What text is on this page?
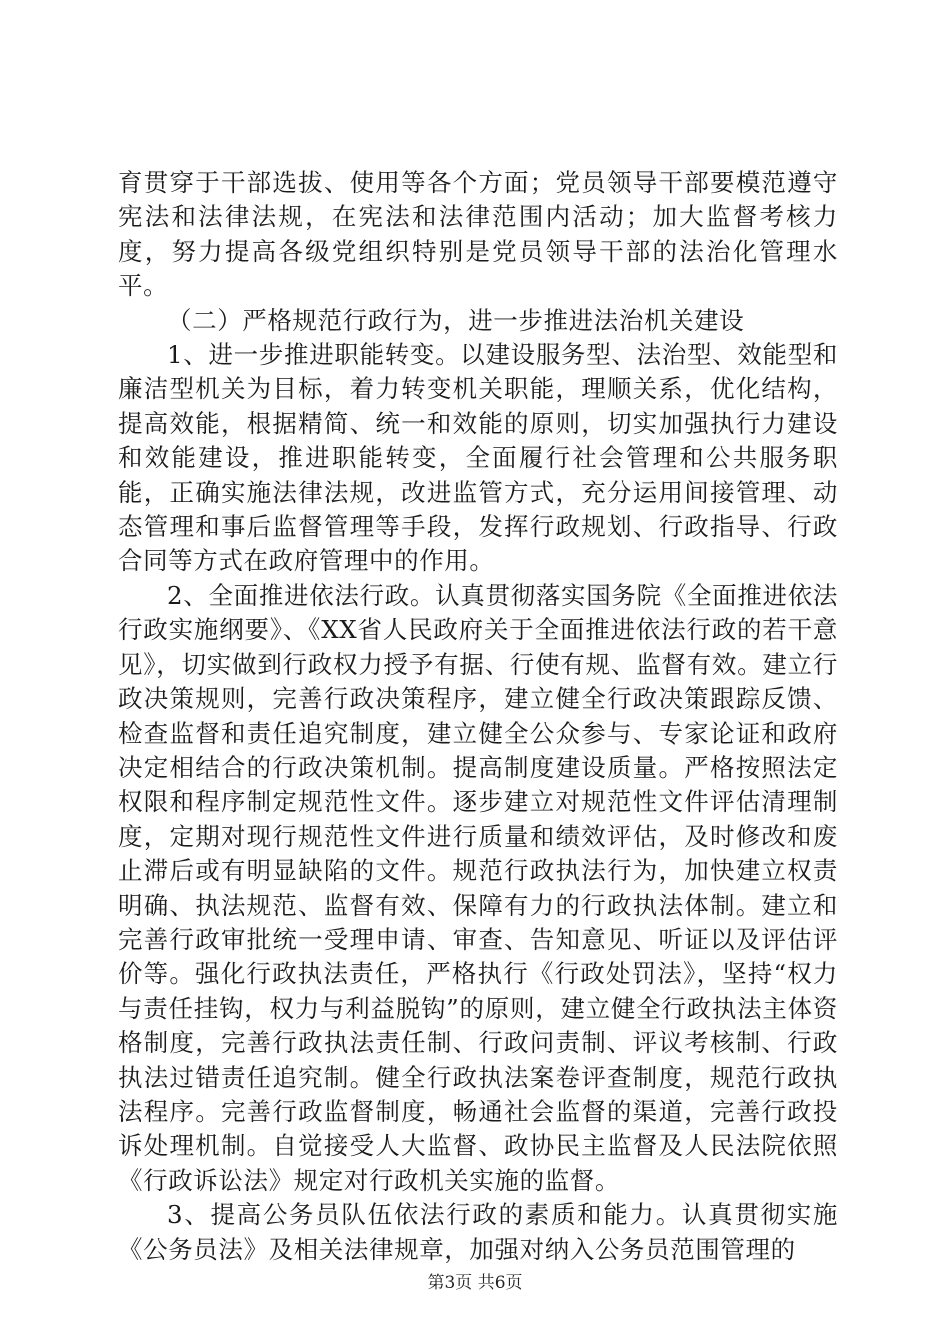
育贯穿于干部选拔、使用等各个方面；党员领导干部要模范遵守宪法和法律法规，在宪法和法律范围内活动；加大监督考核力度，努力提高各级党组织特别是党员领导干部的法治化管理水平。

（二）严格规范行政行为，进一步推进法治机关建设

1、进一步推进职能转变。以建设服务型、法治型、效能型和廉洁型机关为目标，着力转变机关职能，理顺关系，优化结构，提高效能，根据精简、统一和效能的原则，切实加强执行力建设和效能建设，推进职能转变，全面履行社会管理和公共服务职能，正确实施法律法规，改进监管方式，充分运用间接管理、动态管理和事后监督管理等手段，发挥行政规划、行政指导、行政合同等方式在政府管理中的作用。

2、全面推进依法行政。认真贯彻落实国务院《全面推进依法行政实施纲要》、《XX省人民政府关于全面推进依法行政的若干意见》，切实做到行政权力授予有据、行使有规、监督有效。建立行政决策规则，完善行政决策程序，建立健全行政决策跟踪反馈、检查监督和责任追究制度，建立健全公众参与、专家论证和政府决定相结合的行政决策机制。提高制度建设质量。严格按照法定权限和程序制定规范性文件。逐步建立对规范性文件评估清理制度，定期对现行规范性文件进行质量和绩效评估，及时修改和废止滞后或有明显缺陷的文件。规范行政执法行为，加快建立权责明确、执法规范、监督有效、保障有力的行政执法体制。建立和完善行政审批统一受理申请、审查、告知意见、听证以及评估评价等。强化行政执法责任，严格执行《行政处罚法》，坚持“权力与责任挂钩，权力与利益脱钩”的原则，建立健全行政执法主体资格制度，完善行政执法责任制、行政问责制、评议考核制、行政执法过错责任追究制。健全行政执法案卷评查制度，规范行政执法程序。完善行政监督制度，畅通社会监督的渠道，完善行政投诉处理机制。自觉接受人大监督、政协民主监督及人民法院依照《行政诉讼法》规定对行政机关实施的监督。

3、提高公务员队伍依法行政的素质和能力。认真贯彻实施《公务员法》及相关法律规章，加强对纳入公务员范围管理的

第3页 共6页
